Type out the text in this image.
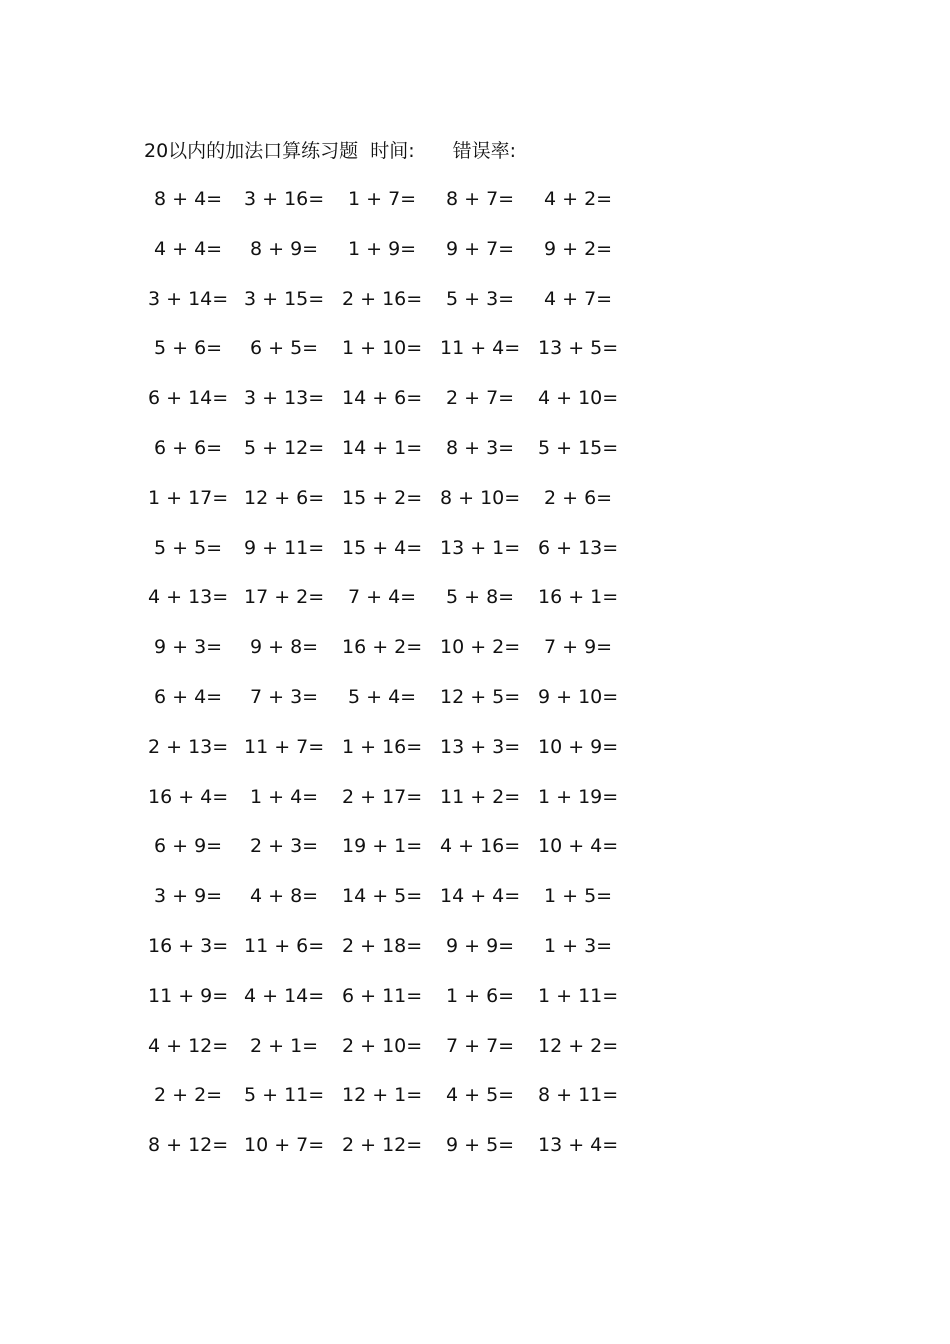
20以内的加法口算练习题 时间: 错误率:
8 + 4= 3 + 16= 1 + 7= 8 + 7= 4 + 2=
4 + 4= 8 + 9= 1 + 9= 9 + 7= 9 + 2=
3 + 14= 3 + 15= 2 + 16= 5 + 3= 4 + 7=
5 + 6= 6 + 5= 1 + 10= 11 + 4= 13 + 5=
6 + 14= 3 + 13= 14 + 6= 2 + 7= 4 + 10=
6 + 6= 5 + 12= 14 + 1= 8 + 3= 5 + 15=
1 + 17= 12 + 6= 15 + 2= 8 + 10= 2 + 6=
5 + 5= 9 + 11= 15 + 4= 13 + 1= 6 + 13=
4 + 13= 17 + 2= 7 + 4= 5 + 8= 16 + 1=
9 + 3= 9 + 8= 16 + 2= 10 + 2= 7 + 9=
6 + 4= 7 + 3= 5 + 4= 12 + 5= 9 + 10=
2 + 13= 11 + 7= 1 + 16= 13 + 3= 10 + 9=
16 + 4= 1 + 4= 2 + 17= 11 + 2= 1 + 19=
6 + 9= 2 + 3= 19 + 1= 4 + 16= 10 + 4=
3 + 9= 4 + 8= 14 + 5= 14 + 4= 1 + 5=
16 + 3= 11 + 6= 2 + 18= 9 + 9= 1 + 3=
11 + 9= 4 + 14= 6 + 11= 1 + 6= 1 + 11=
4 + 12= 2 + 1= 2 + 10= 7 + 7= 12 + 2=
2 + 2= 5 + 11= 12 + 1= 4 + 5= 8 + 11=
8 + 12= 10 + 7= 2 + 12= 9 + 5= 13 + 4=
